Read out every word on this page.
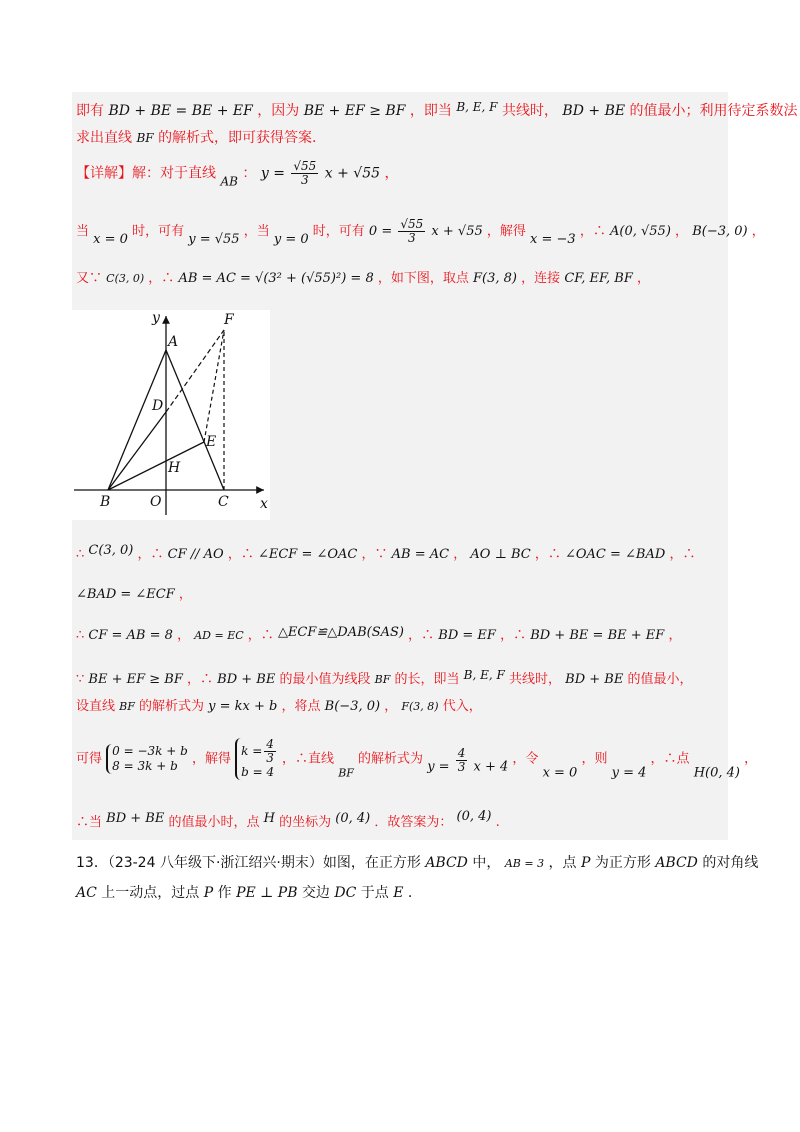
即有 BD + BE = BE + EF ，因为 BE + EF ≥ BF ，即当 B, E, F 共线时， BD + BE 的值最小；利用待定系数法
求出直线 BF 的解析式，即可获得答案.
【详解】解：对于直线 AB ： $y = \frac{√55}{3}$ x + √55 ，
当 x = 0 时，可有 y = √55 ，当 y = 0 时，可有 $0 = \frac{√55}{3}$ x + √55 ，解得 x = −3 ，∴ A(0, √55) ， B(−3, 0) ，
又∵ C(3, 0) ，∴ AB = AC = √(3² + (√55)²) = 8 ，如下图，取点 F(3, 8) ，连接 CF, EF, BF ，
y
x
A
F
D
E
H
B	O	C
∴ C(3, 0) ，∴ CF // AO ，∴ ∠ECF = ∠OAC ，∵ AB = AC ， AO ⊥ BC ，∴ ∠OAC = ∠BAD ，∴
∠BAD = ∠ECF ，
∴ CF = AB = 8 ， AD = EC ，∴ △ECF≌△DAB(SAS) ，∴ BD = EF ，∴ BD + BE = BE + EF ，
∵ BE + EF ≥ BF ，∴ BD + BE 的最小值为线段 BF 的长，即当 B, E, F 共线时， BD + BE 的值最小，
设直线 BF 的解析式为 y = kx + b ，将点 B(−3, 0) ， F(3, 8) 代入，
可得
0 = −3k + b
8 = 3k + b	，解得
$k = \frac{4}{3}$
b = 4
，∴直线 $_{BF}$ 的解析式为 $y = \frac{4}{3}$ x + 4 ，令 x = 0 ，则 y = 4 ，∴点 H(0, 4) ，
∴当 BD + BE 的值最小时，点 H 的坐标为 (0, 4) ．故答案为： (0, 4) .
13．（23-24 八年级下·浙江绍兴·期末）如图，在正方形 ABCD 中， AB = 3 ，点 P 为正方形 ABCD 的对角线
AC 上一动点，过点 P 作 PE ⊥ PB 交边 DC 于点 E .
